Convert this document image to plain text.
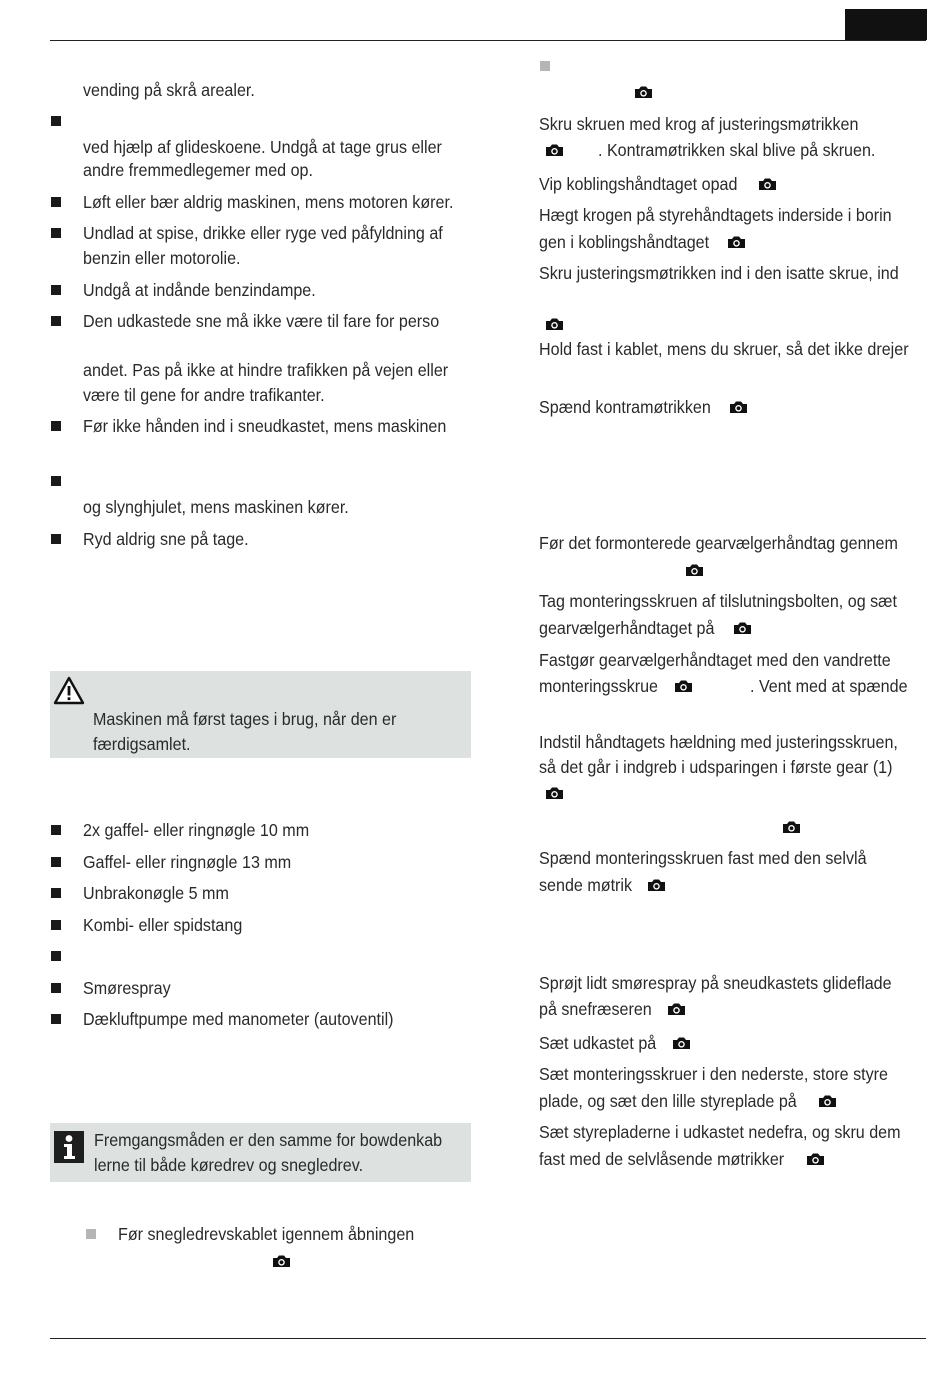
vending på skrå arealer.
ved hjælp af glideskoene. Undgå at tage grus eller
andre fremmedlegemer med op.
Løft eller bær aldrig maskinen, mens motoren kører.
Undlad at spise, drikke eller ryge ved påfyldning af
benzin eller motorolie.
Undgå at indånde benzindampe.
Den udkastede sne må ikke være til fare for perso
andet. Pas på ikke at hindre trafikken på vejen eller
være til gene for andre trafikanter.
Før ikke hånden ind i sneudkastet, mens maskinen
og slynghjulet, mens maskinen kører.
Ryd aldrig sne på tage.
Maskinen må først tages i brug, når den er
færdigsamlet.
2x gaffel- eller ringnøgle 10 mm
Gaffel- eller ringnøgle 13 mm
Unbrakonøgle 5 mm
Kombi- eller spidstang
Smørespray
Dækluftpumpe med manometer (autoventil)
Fremgangsmåden er den samme for bowdenkab
lerne til både køredrev og snegledrev.
Før snegledrevskablet igennem åbningen
Skru skruen med krog af justeringsmøtrikken
. Kontramøtrikken skal blive på skruen.
Vip koblingshåndtaget opad
Hægt krogen på styrehåndtagets inderside i borin
gen i koblingshåndtaget
Skru justeringsmøtrikken ind i den isatte skrue, ind
Hold fast i kablet, mens du skruer, så det ikke drejer
Spænd kontramøtrikken
Før det formonterede gearvælgerhåndtag gennem
Tag monteringsskruen af tilslutningsbolten, og sæt
gearvælgerhåndtaget på
Fastgør gearvælgerhåndtaget med den vandrette
monteringsskrue	. Vent med at spænde
Indstil håndtagets hældning med justeringsskruen,
så det går i indgreb i udsparingen i første gear (1)
Spænd monteringsskruen fast med den selvlå
sende møtrik
Sprøjt lidt smørespray på sneudkastets glideflade
på snefræseren
Sæt udkastet på
Sæt monteringsskruer i den nederste, store styre
plade, og sæt den lille styreplade på
Sæt styrepladerne i udkastet nedefra, og skru dem
fast med de selvlåsende møtrikker
